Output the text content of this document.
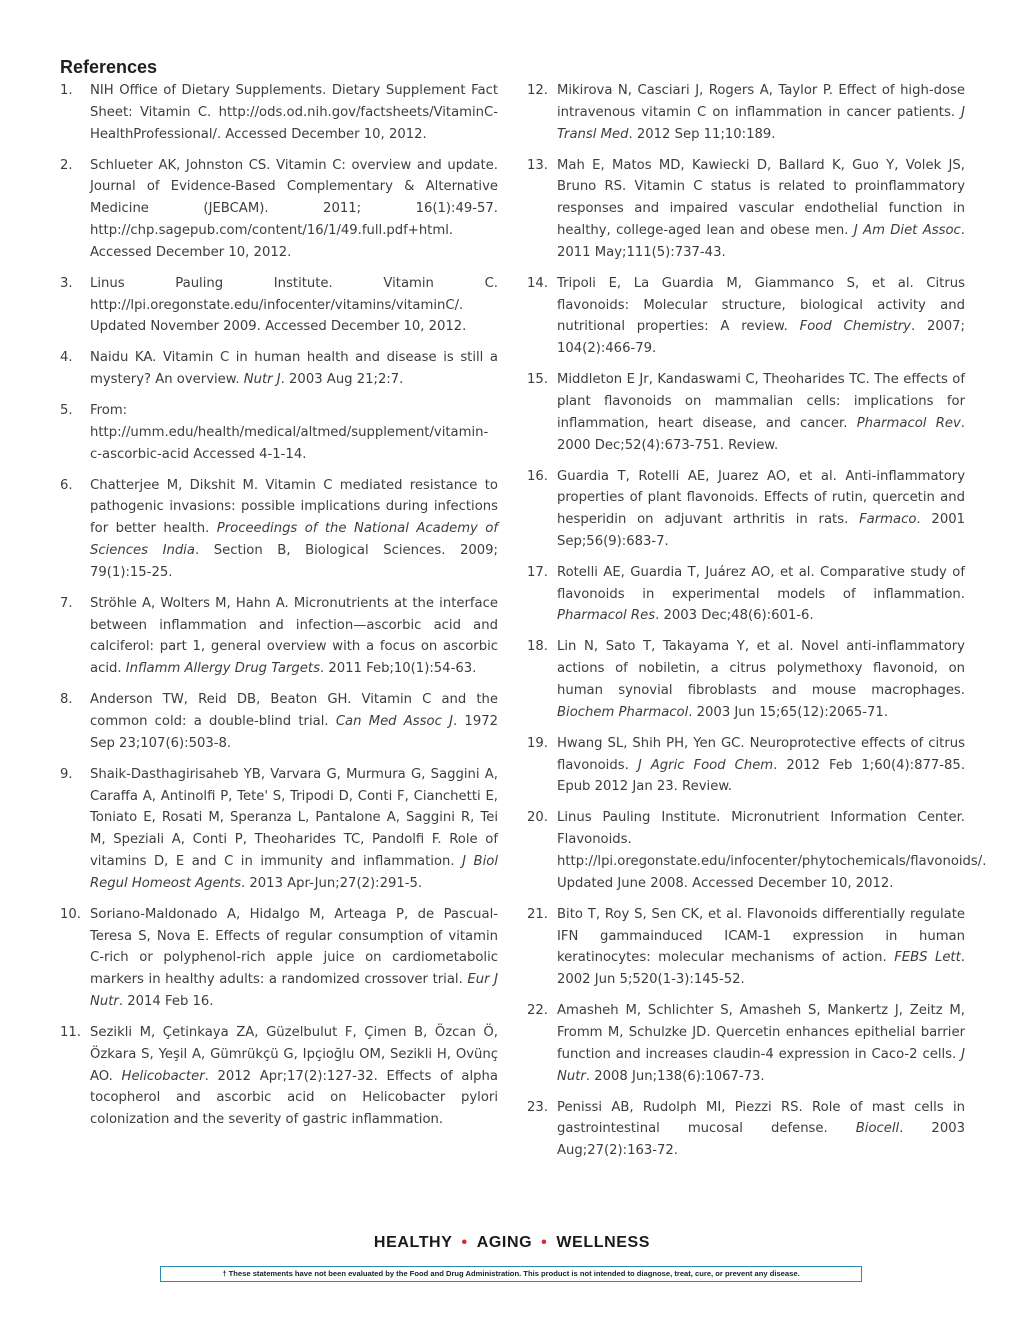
References
1. NIH Office of Dietary Supplements. Dietary Supplement Fact Sheet: Vitamin C. http://ods.od.nih.gov/factsheets/VitaminC-HealthProfessional/. Accessed December 10, 2012.
2. Schlueter AK, Johnston CS. Vitamin C: overview and update. Journal of Evidence-Based Complementary & Alternative Medicine (JEBCAM). 2011; 16(1):49-57. http://chp.sagepub.com/content/16/1/49.full.pdf+html. Accessed December 10, 2012.
3. Linus Pauling Institute. Vitamin C. http://lpi.oregonstate.edu/infocenter/vitamins/vitaminC/. Updated November 2009. Accessed December 10, 2012.
4. Naidu KA. Vitamin C in human health and disease is still a mystery? An overview. Nutr J. 2003 Aug 21;2:7.
5. From: http://umm.edu/health/medical/altmed/supplement/vitamin-c-ascorbic-acid Accessed 4-1-14.
6. Chatterjee M, Dikshit M. Vitamin C mediated resistance to pathogenic invasions: possible implications during infections for better health. Proceedings of the National Academy of Sciences India. Section B, Biological Sciences. 2009; 79(1):15-25.
7. Ströhle A, Wolters M, Hahn A. Micronutrients at the interface between inflammation and infection—ascorbic acid and calciferol: part 1, general overview with a focus on ascorbic acid. Inflamm Allergy Drug Targets. 2011 Feb;10(1):54-63.
8. Anderson TW, Reid DB, Beaton GH. Vitamin C and the common cold: a double-blind trial. Can Med Assoc J. 1972 Sep 23;107(6):503-8.
9. Shaik-Dasthagirisaheb YB, Varvara G, Murmura G, Saggini A, Caraffa A, Antinolfi P, Tete' S, Tripodi D, Conti F, Cianchetti E, Toniato E, Rosati M, Speranza L, Pantalone A, Saggini R, Tei M, Speziali A, Conti P, Theoharides TC, Pandolfi F. Role of vitamins D, E and C in immunity and inflammation. J Biol Regul Homeost Agents. 2013 Apr-Jun;27(2):291-5.
10. Soriano-Maldonado A, Hidalgo M, Arteaga P, de Pascual-Teresa S, Nova E. Effects of regular consumption of vitamin C-rich or polyphenol-rich apple juice on cardiometabolic markers in healthy adults: a randomized crossover trial. Eur J Nutr. 2014 Feb 16.
11. Sezikli M, Çetinkaya ZA, Güzelbulut F, Çimen B, Özcan Ö, Özkara S, Yeşil A, Gümrükçü G, Ipçioğlu OM, Sezikli H, Ovünç AO. Helicobacter. 2012 Apr;17(2):127-32. Effects of alpha tocopherol and ascorbic acid on Helicobacter pylori colonization and the severity of gastric inflammation.
12. Mikirova N, Casciari J, Rogers A, Taylor P. Effect of high-dose intravenous vitamin C on inflammation in cancer patients. J Transl Med. 2012 Sep 11;10:189.
13. Mah E, Matos MD, Kawiecki D, Ballard K, Guo Y, Volek JS, Bruno RS. Vitamin C status is related to proinflammatory responses and impaired vascular endothelial function in healthy, college-aged lean and obese men. J Am Diet Assoc. 2011 May;111(5):737-43.
14. Tripoli E, La Guardia M, Giammanco S, et al. Citrus flavonoids: Molecular structure, biological activity and nutritional properties: A review. Food Chemistry. 2007; 104(2):466-79.
15. Middleton E Jr, Kandaswami C, Theoharides TC. The effects of plant flavonoids on mammalian cells: implications for inflammation, heart disease, and cancer. Pharmacol Rev. 2000 Dec;52(4):673-751. Review.
16. Guardia T, Rotelli AE, Juarez AO, et al. Anti-inflammatory properties of plant flavonoids. Effects of rutin, quercetin and hesperidin on adjuvant arthritis in rats. Farmaco. 2001 Sep;56(9):683-7.
17. Rotelli AE, Guardia T, Juárez AO, et al. Comparative study of flavonoids in experimental models of inflammation. Pharmacol Res. 2003 Dec;48(6):601-6.
18. Lin N, Sato T, Takayama Y, et al. Novel anti-inflammatory actions of nobiletin, a citrus polymethoxy flavonoid, on human synovial fibroblasts and mouse macrophages. Biochem Pharmacol. 2003 Jun 15;65(12):2065-71.
19. Hwang SL, Shih PH, Yen GC. Neuroprotective effects of citrus flavonoids. J Agric Food Chem. 2012 Feb 1;60(4):877-85. Epub 2012 Jan 23. Review.
20. Linus Pauling Institute. Micronutrient Information Center. Flavonoids. http://lpi.oregonstate.edu/infocenter/phytochemicals/flavonoids/. Updated June 2008. Accessed December 10, 2012.
21. Bito T, Roy S, Sen CK, et al. Flavonoids differentially regulate IFN gammainduced ICAM-1 expression in human keratinocytes: molecular mechanisms of action. FEBS Lett. 2002 Jun 5;520(1-3):145-52.
22. Amasheh M, Schlichter S, Amasheh S, Mankertz J, Zeitz M, Fromm M, Schulzke JD. Quercetin enhances epithelial barrier function and increases claudin-4 expression in Caco-2 cells. J Nutr. 2008 Jun;138(6):1067-73.
23. Penissi AB, Rudolph MI, Piezzi RS. Role of mast cells in gastrointestinal mucosal defense. Biocell. 2003 Aug;27(2):163-72.
HEALTHY • AGING • WELLNESS
† These statements have not been evaluated by the Food and Drug Administration. This product is not intended to diagnose, treat, cure, or prevent any disease.
